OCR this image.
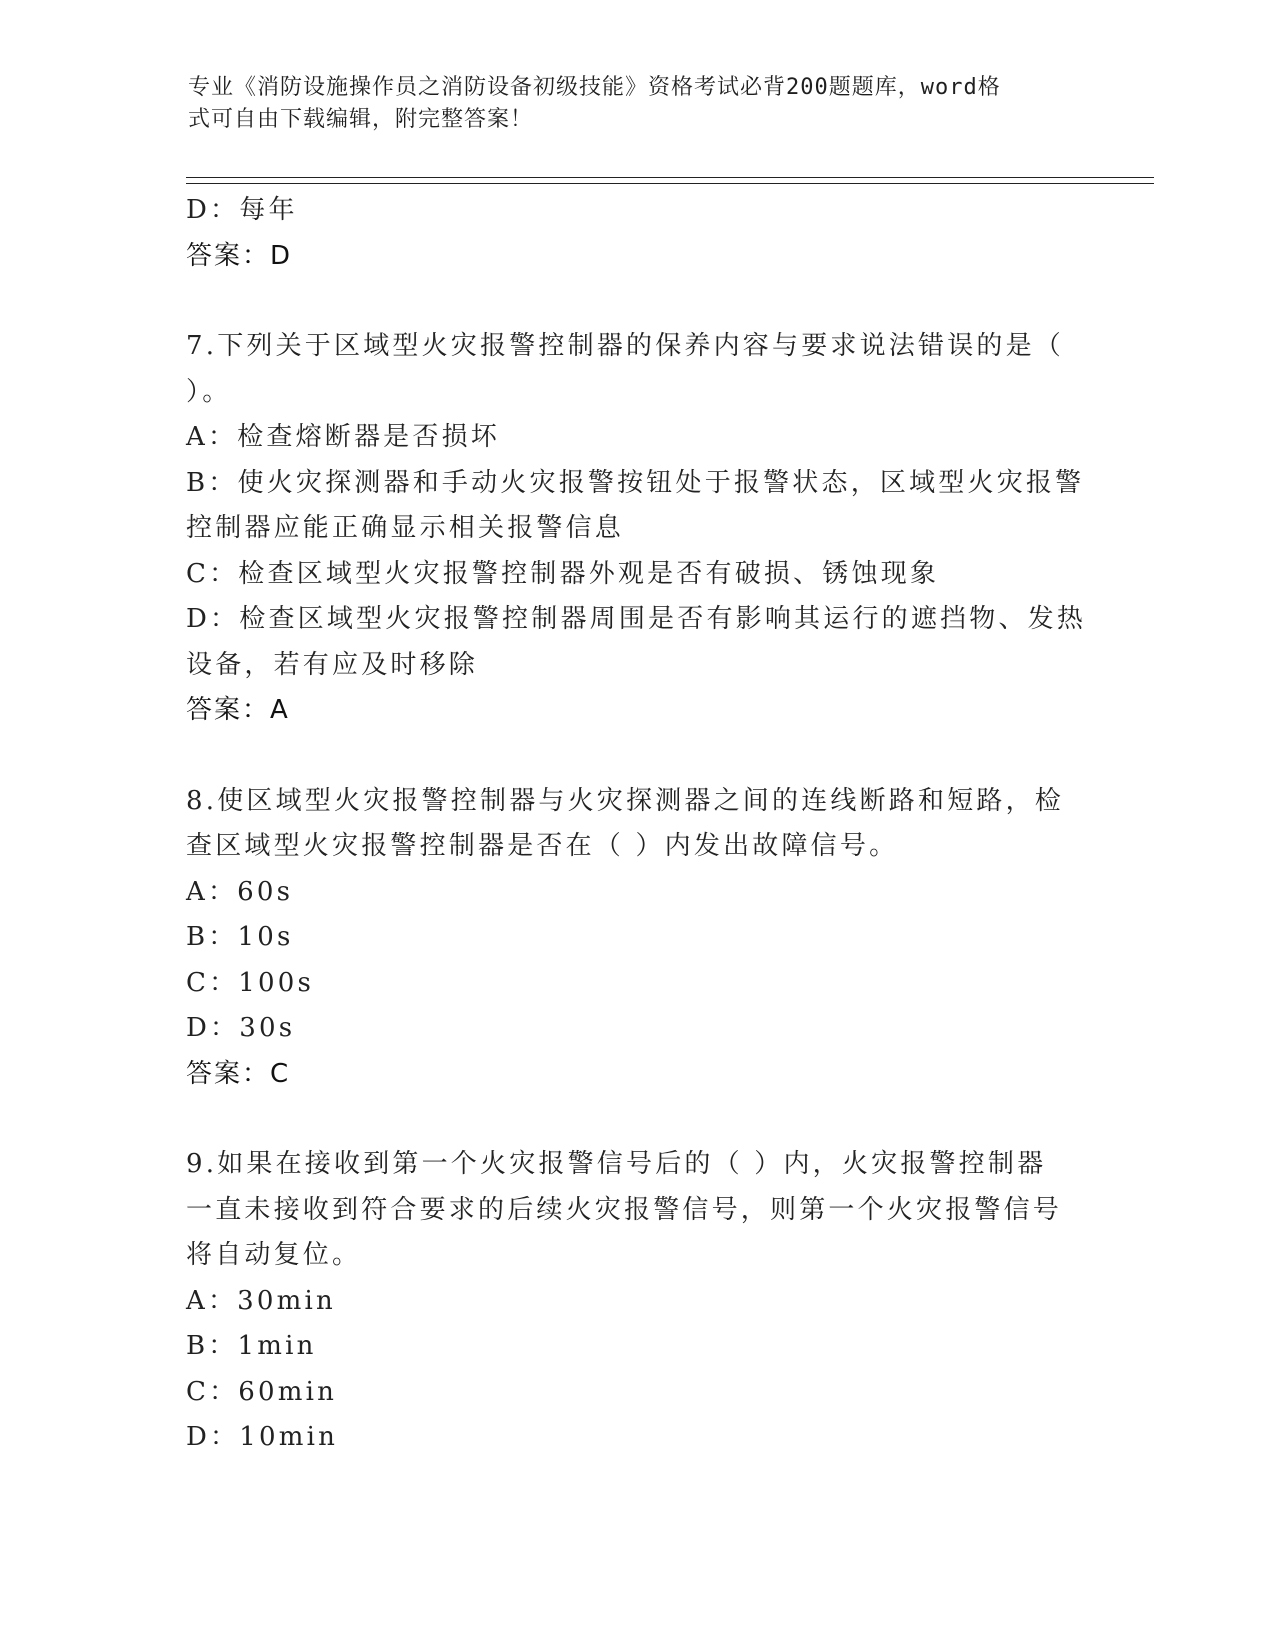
专业《消防设施操作员之消防设备初级技能》资格考试必背200题题库，word格
式可自由下载编辑，附完整答案！
D：每年
答案：D
7.下列关于区域型火灾报警控制器的保养内容与要求说法错误的是（
）。
A：检查熔断器是否损坏
B：使火灾探测器和手动火灾报警按钮处于报警状态，区域型火灾报警
控制器应能正确显示相关报警信息
C：检查区域型火灾报警控制器外观是否有破损、锈蚀现象
D：检查区域型火灾报警控制器周围是否有影响其运行的遮挡物、发热
设备，若有应及时移除
答案：A
8.使区域型火灾报警控制器与火灾探测器之间的连线断路和短路，检
查区域型火灾报警控制器是否在（ ）内发出故障信号。
A：60s
B：10s
C：100s
D：30s
答案：C
9.如果在接收到第一个火灾报警信号后的（ ）内，火灾报警控制器
一直未接收到符合要求的后续火灾报警信号，则第一个火灾报警信号
将自动复位。
A：30min
B：1min
C：60min
D：10min
